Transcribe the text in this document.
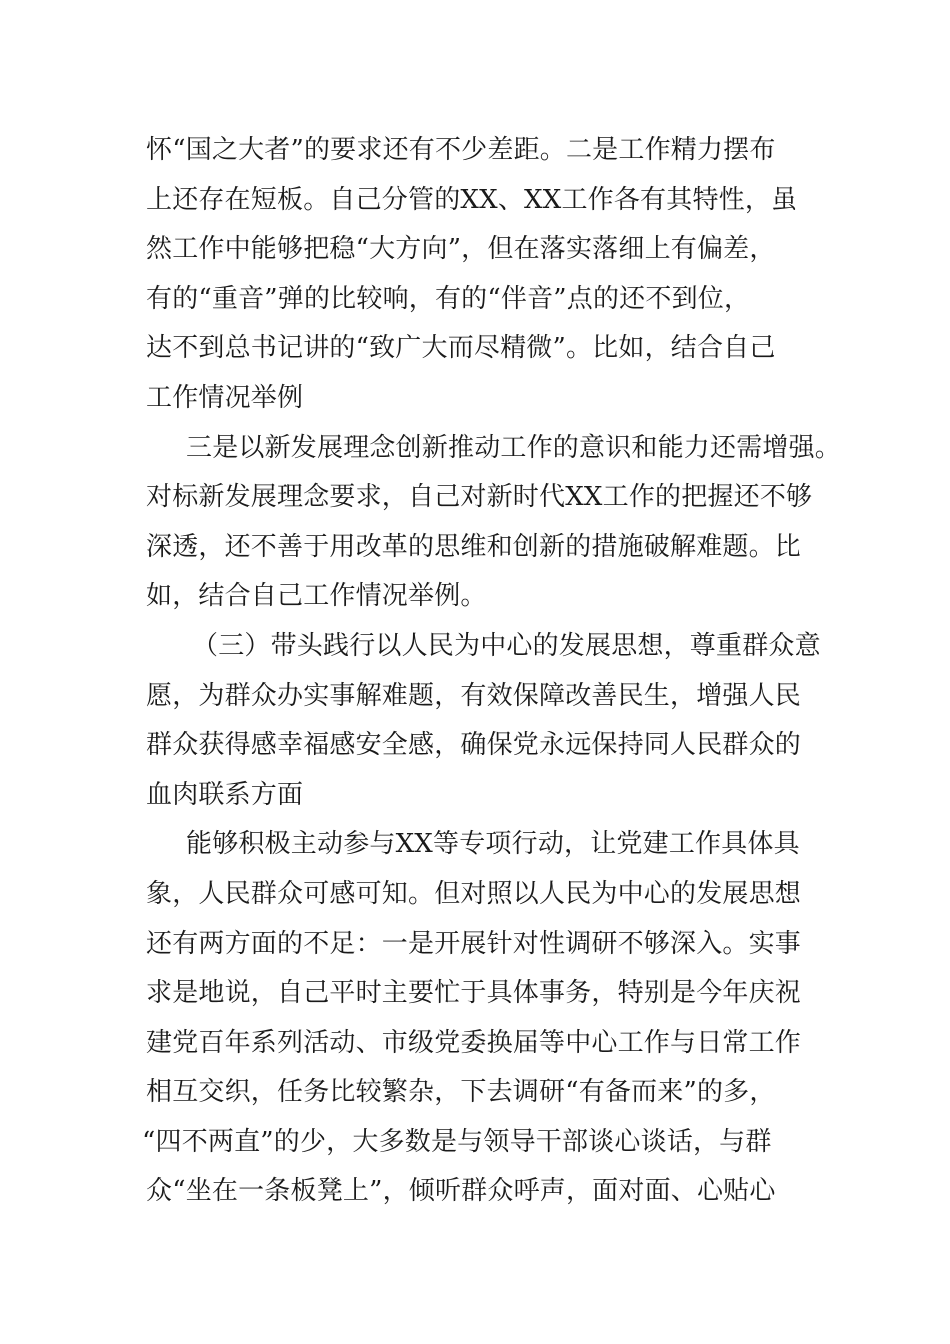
怀“国之大者”的要求还有不少差距。二是工作精力摆布
上还存在短板。自己分管的XX、XX工作各有其特性，虽
然工作中能够把稳“大方向”，但在落实落细上有偏差，
有的“重音”弹的比较响，有的“伴音”点的还不到位，
达不到总书记讲的“致广大而尽精微”。比如，结合自己
工作情况举例
三是以新发展理念创新推动工作的意识和能力还需增强。
对标新发展理念要求，自己对新时代XX工作的把握还不够
深透，还不善于用改革的思维和创新的措施破解难题。比
如，结合自己工作情况举例。
（三）带头践行以人民为中心的发展思想，尊重群众意
愿，为群众办实事解难题，有效保障改善民生，增强人民
群众获得感幸福感安全感，确保党永远保持同人民群众的
血肉联系方面
能够积极主动参与XX等专项行动，让党建工作具体具
象，人民群众可感可知。但对照以人民为中心的发展思想
还有两方面的不足：一是开展针对性调研不够深入。实事
求是地说，自己平时主要忙于具体事务，特别是今年庆祝
建党百年系列活动、市级党委换届等中心工作与日常工作
相互交织，任务比较繁杂，下去调研“有备而来”的多，
“四不两直”的少，大多数是与领导干部谈心谈话，与群
众“坐在一条板凳上”，倾听群众呼声，面对面、心贴心
